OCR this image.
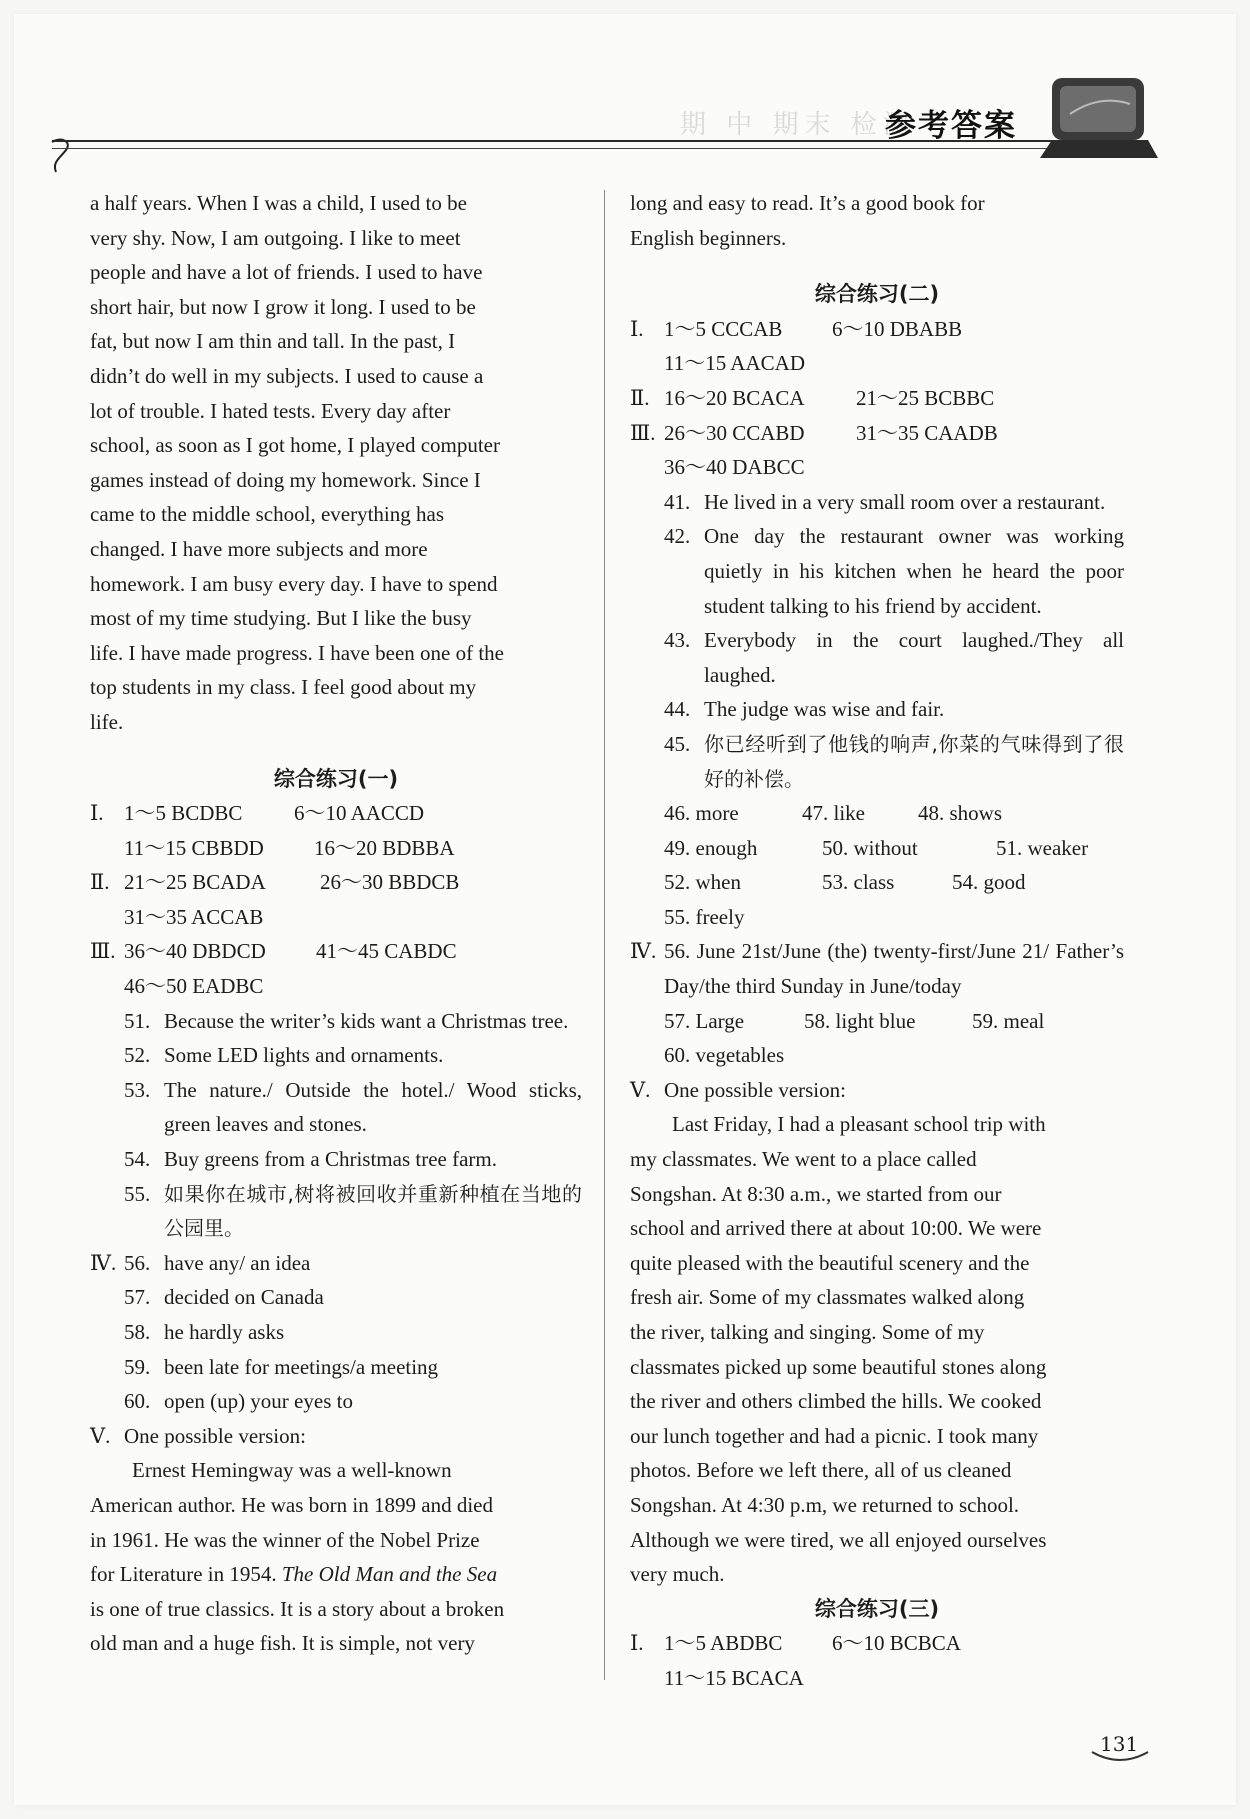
期 中 期末 检测
参考答案
a half years. When I was a child, I used to be
very shy. Now, I am outgoing. I like to meet
people and have a lot of friends. I used to have
short hair, but now I grow it long. I used to be
fat, but now I am thin and tall. In the past, I
didn’t do well in my subjects. I used to cause a
lot of trouble. I hated tests. Every day after
school, as soon as I got home, I played computer
games instead of doing my homework. Since I
came to the middle school, everything has
changed. I have more subjects and more
homework. I am busy every day. I have to spend
most of my time studying. But I like the busy
life. I have made progress. I have been one of the
top students in my class. I feel good about my
life.
综合练习(一)
Ⅰ. 1～5 BCDBC	6～10 AACCD
11～15 CBBDD	16～20 BDBBA
Ⅱ. 21～25 BCADA	26～30 BBDCB
31～35 ACCAB
Ⅲ. 36～40 DBDCD	41～45 CABDC
46～50 EADBC
51. Because the writer’s kids want a Christmas tree.
52. Some LED lights and ornaments.
53. The nature./ Outside the hotel./ Wood sticks, green leaves and stones.
54. Buy greens from a Christmas tree farm.
55. 如果你在城市,树将被回收并重新种植在当地的公园里。
Ⅳ. 56. have any/ an idea
57. decided on Canada
58. he hardly asks
59. been late for meetings/a meeting
60. open (up) your eyes to
Ⅴ. One possible version:
Ernest Hemingway was a well-known
American author. He was born in 1899 and died
in 1961. He was the winner of the Nobel Prize
for Literature in 1954. The Old Man and the Sea
is one of true classics. It is a story about a broken
old man and a huge fish. It is simple, not very
long and easy to read. It’s a good book for
English beginners.
综合练习(二)
Ⅰ. 1～5 CCCAB	6～10 DBABB
11～15 AACAD
Ⅱ. 16～20 BCACA	21～25 BCBBC
Ⅲ. 26～30 CCABD	31～35 CAADB
36～40 DABCC
41. He lived in a very small room over a restaurant.
42. One day the restaurant owner was working quietly in his kitchen when he heard the poor student talking to his friend by accident.
43. Everybody in the court laughed./They all laughed.
44. The judge was wise and fair.
45. 你已经听到了他钱的响声,你菜的气味得到了很好的补偿。
46. more	47. like	48. shows
49. enough	50. without	51. weaker
52. when	53. class	54. good
55. freely
Ⅳ. 56. June 21st/June (the) twenty-first/June 21/ Father’s Day/the third Sunday in June/today
57. Large	58. light blue	59. meal
60. vegetables
Ⅴ. One possible version:
Last Friday, I had a pleasant school trip with
my classmates. We went to a place called
Songshan. At 8:30 a.m., we started from our
school and arrived there at about 10:00. We were
quite pleased with the beautiful scenery and the
fresh air. Some of my classmates walked along
the river, talking and singing. Some of my
classmates picked up some beautiful stones along
the river and others climbed the hills. We cooked
our lunch together and had a picnic. I took many
photos. Before we left there, all of us cleaned
Songshan. At 4:30 p.m, we returned to school.
Although we were tired, we all enjoyed ourselves
very much.
综合练习(三)
Ⅰ. 1～5 ABDBC	6～10 BCBCA
11～15 BCACA
131
